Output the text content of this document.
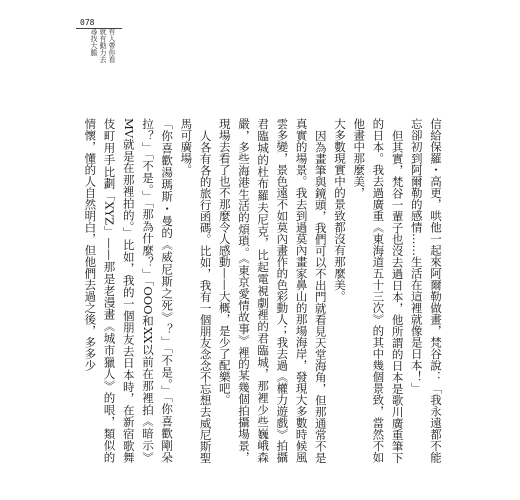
078
有人帶你看
就有動力去
尋找大膽

信給保羅・高更，哄他一起來阿爾勒做畫，梵谷說：「我永遠都不能忘卻初到阿爾勒的感情……生活在這裡就像是日本！」

但其實，梵谷一輩子也沒去過日本，他所謂的日本是歌川廣重筆下的日本。我去過廣重《東海道五十三次》的其中幾個景致，當然不如他畫中那麼美，

大多數現實中的景致都沒有那麼美。

因為畫筆與鏡頭，我們可以不出門就看見天堂海角，但那通常不是真實的場景。我去到過莫內畫家鼻山的那場海岸，發現大多數時候風雲多變，景色遠不如莫內畫作的色彩動人；我去過《權力遊戲》拍攝君臨城的杜布羅夫尼克，比起電視劇裡的君臨城，那裡少些巍峨森嚴，多些海港生活的煩瑣。《東京愛情故事》裡的某幾個拍攝場景，現場去看了也不那麼令人感動——大概，是少了配樂吧。

人各有各的旅行函碼。比如，我有一個朋友念念不忘想去威尼斯聖馬可廣場。

「你喜歡湯瑪斯・曼的《威尼斯之死》？」「不是。」「你喜歡剛朵拉？」「不是。」「那為什麼？」「OOO和XX以前在那裡拍《暗示》MV就是在那裡拍的。」比如，我的一個朋友去日本時，在新宿歌舞伎町用手比劃「XYZ」——那是老漫畫《城市獵人》的哏，類似的情懷，懂的人自然明白，但他們去過之後，多多少
